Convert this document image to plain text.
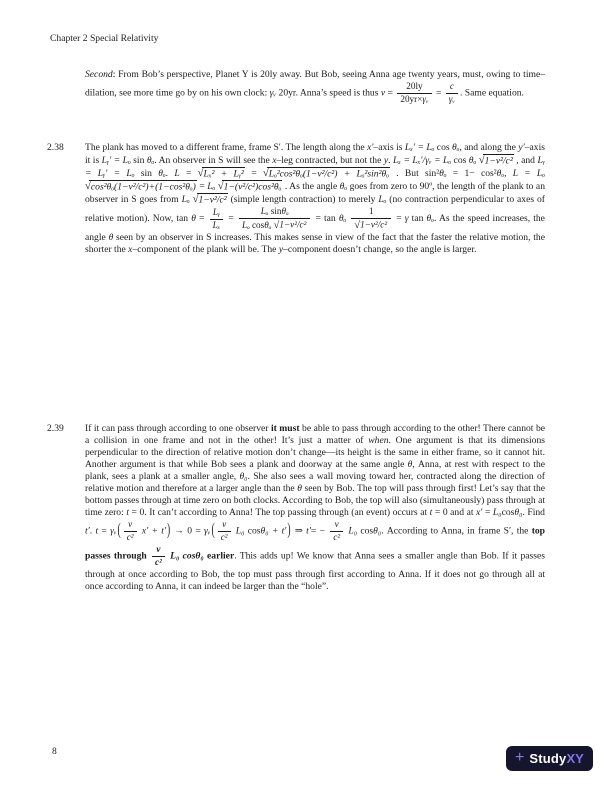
Chapter 2 Special Relativity
Second: From Bob’s perspective, Planet Y is 20ly away. But Bob, seeing Anna age twenty years, must, owing to time–dilation, see more time go by on his own clock: γᵥ 20yr. Anna’s speed is thus $v = \frac{20ly}{\text{20yr×γᵥ}} = \frac{c}{\text{γᵥ}}$ . Same equation.
2.38 The plank has moved to a different frame, frame S′. The length along the x′–axis is Lₓ′ = Lₒ cos θₒ, and along the y′–axis it is Lᵧ′ = Lₒ sin θₒ. An observer in S will see the x–leg contracted, but not the y. Lₓ = Lₓ′/γᵥ = Lₒ cos θₒ √1−v²/c² , and Lᵧ = Lᵧ′ = Lₒ sin θₒ. L = √Lₓ² + Lᵧ² = √Lₒ²cos²θₒ(1−v²/c²) + Lₒ²sin²θₒ . But sin²θₒ = 1− cos²θₒ, L = Lₒ √cos²θₒ(1−v²/c²)+(1−cos²θₒ) = Lₒ √1−(v²/c²)cos²θₒ . As the angle θₒ goes from zero to 90º, the length of the plank to an observer in S goes from Lₒ √1−v²/c² (simple length contraction) to merely Lₒ (no contraction perpendicular to axes of relative motion). Now, $\tan \theta = \frac{\text{Lᵧ}}{\text{Lₓ}} = \frac{\text{Lₒ sinθₒ}}{\text{Lₒ cosθₒ √1−v²/c²}} = \tan \theta_o \frac{1}{\text{√1−v²/c²}} = \gamma$ tan θₒ. As the speed increases, the angle θ seen by an observer in S increases. This makes sense in view of the fact that the faster the relative motion, the shorter the x–component of the plank will be. The y–component doesn’t change, so the angle is larger.
2.39 If it can pass through according to one observer it must be able to pass through according to the other! There cannot be a collision in one frame and not in the other! It’s just a matter of when. One argument is that its dimensions perpendicular to the direction of relative motion don’t change—its height is the same in either frame, so it cannot hit. Another argument is that while Bob sees a plank and doorway at the same angle θ, Anna, at rest with respect to the plank, sees a plank at a smaller angle, θ₀. She also sees a wall moving toward her, contracted along the direction of relative motion and therefore at a larger angle than the θ seen by Bob. The top will pass through first! Let’s say that the bottom passes through at time zero on both clocks. According to Bob, the top will also (simultaneously) pass through at time zero: t = 0. It can’t according to Anna! The top passing through (an event) occurs at t = 0 and at x′ = L₀cosθ₀. Find t′. t = γᵥ( $\frac{v}{\text{c²}} x' + t') \to 0$ = γᵥ( $\frac{v}{\text{c²}} L_0$ cosθ₀ + t′) ⇒ $t'= - \frac{v}{\text{c²}} L_0$ cosθ₀. According to Anna, in frame S′, the top passes through $\frac{v}{\text{c²}} L_0$ cosθ₀ earlier. This adds up! We know that Anna sees a smaller angle than Bob. If it passes through at once according to Bob, the top must pass through first according to Anna. If it does not go through all at once according to Anna, it can indeed be larger than the “hole”.
8	+ Study XY
